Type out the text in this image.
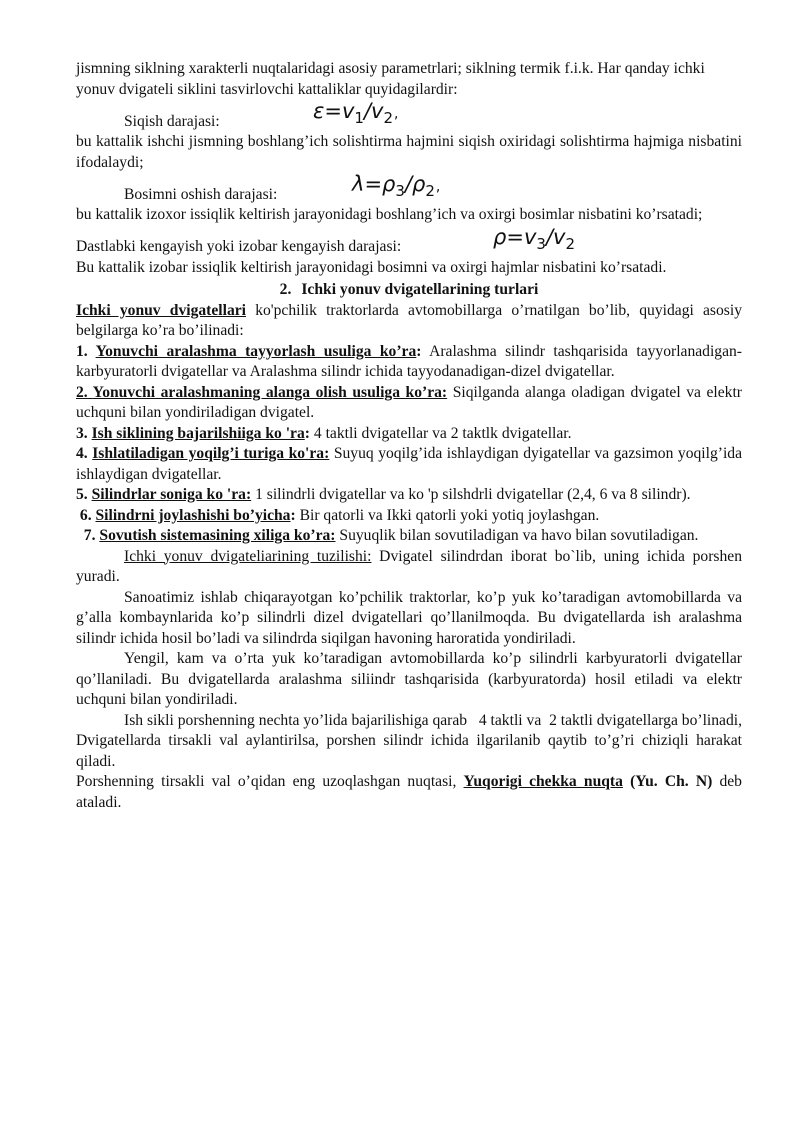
jismning siklning xarakterli nuqtalaridagi asosiy parametrlari; siklning termik f.i.k. Har qanday ichki yonuv dvigateli siklini tasvirlovchi kattaliklar quyidagilardir:

Siqish darajasi:	$\varepsilon=v_1/v_2$,

bu kattalik ishchi jismning boshlang’ich solishtirma hajmini siqish oxiridagi solishtirma hajmiga nisbatini ifodalaydi;

Bosimni oshish darajasi:	$\lambda=\rho_3/\rho_2$,

bu kattalik izoxor issiqlik keltirish jarayonidagi boshlang’ich va oxirgi bosimlar nisbatini ko’rsatadi;

Dastlabki kengayish yoki izobar kengayish darajasi:	$\rho=v_3/v_2$

Bu kattalik izobar issiqlik keltirish jarayonidagi bosimni va oxirgi hajmlar nisbatini ko’rsatadi.

2. Ichki yonuv dvigatellarining turlari

Ichki yonuv dvigatellari ko'pchilik traktorlarda avtomobillarga o’rnatilgan bo’lib, quyidagi asosiy belgilarga ko’ra bo’ilinadi:

1. Yonuvchi aralashma tayyorlash usuliga ko’ra: Aralashma silindr tashqarisida tayyorlanadigan-karbyuratorli dvigatellar va Aralashma silindr ichida tayyodanadigan-dizel dvigatellar.

2. Yonuvchi aralashmaning alanga olish usuliga ko’ra: Siqilganda alanga oladigan dvigatel va elektr uchquni bilan yondiriladigan dvigatel.

3. Ish siklining bajarilshiiga ko 'ra: 4 taktli dvigatellar va 2 taktlk dvigatellar.

4. Ishlatiladigan yoqilg’i turiga ko'ra: Suyuq yoqilg’ida ishlaydigan dyigatellar va gazsimon yoqilg’ida ishlaydigan dvigatellar.

5. Silindrlar soniga ko 'ra: 1 silindrli dvigatellar va ko 'p silshdrli dvigatellar (2,4, 6 va 8 silindr).

6. Silindrni joylashishi bo’yicha: Bir qatorli va Ikki qatorli yoki yotiq joylashgan.

7. Sovutish sistemasining xiliga ko’ra: Suyuqlik bilan sovutiladigan va havo bilan sovutiladigan.

Ichki yonuv dvigateliarining tuzilishi: Dvigatel silindrdan iborat bo`lib, uning ichida porshen yuradi.

Sanoatimiz ishlab chiqarayotgan ko’pchilik traktorlar, ko’p yuk ko’taradigan avtomobillarda va g’alla kombaynlarida ko’p silindrli dizel dvigatellari qo’llanilmoqda. Bu dvigatellarda ish aralashma silindr ichida hosil bo’ladi va silindrda siqilgan havoning haroratida yondiriladi.

Yengil, kam va o’rta yuk ko’taradigan avtomobillarda ko’p silindrli karbyuratorli dvigatellar qo’llaniladi. Bu dvigatellarda aralashma siliindr tashqarisida (karbyuratorda) hosil etiladi va elektr uchquni bilan yondiriladi.

Ish sikli porshenning nechta yo’lida bajarilishiga qarab   4 taktli va  2 taktli dvigatellarga bo’linadi, Dvigatellarda tirsakli val aylantirilsa, porshen silindr ichida ilgarilanib qaytib to’g’ri chiziqli harakat qiladi.

Porshenning tirsakli val o’qidan eng uzoqlashgan nuqtasi, Yuqorigi chekka nuqta (Yu. Ch. N) deb ataladi.
